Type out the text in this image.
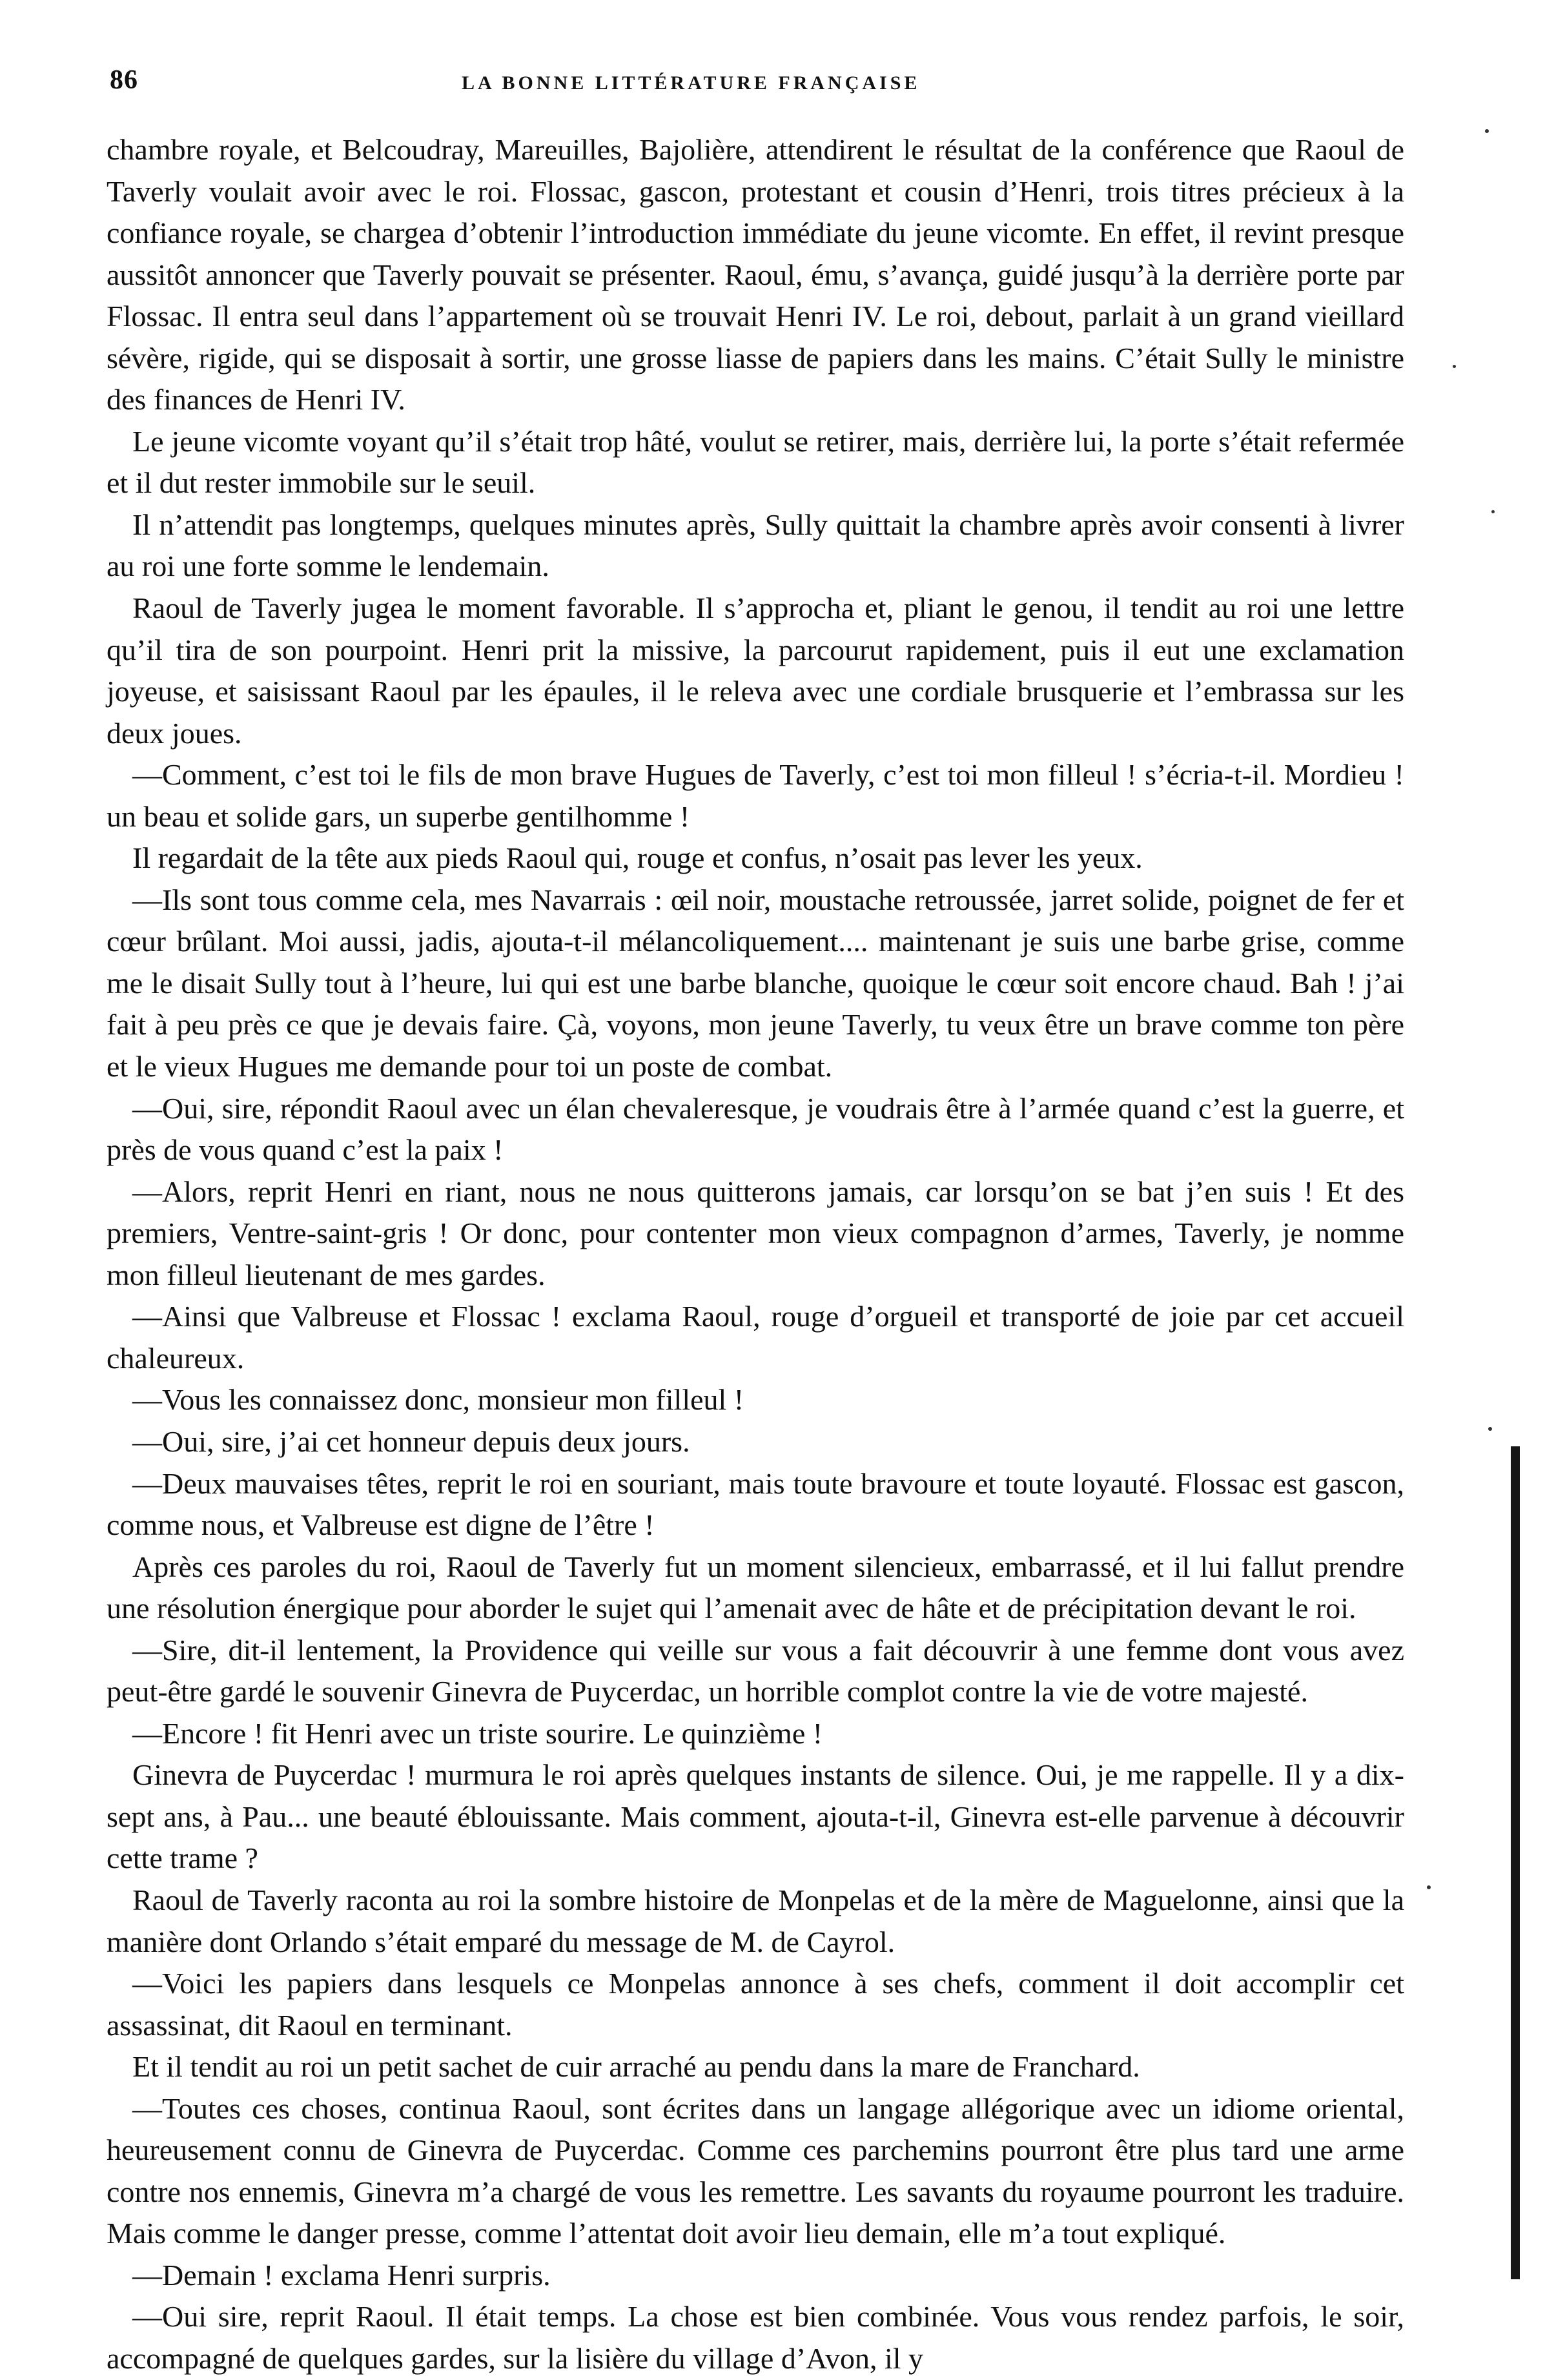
86	LA BONNE LITTÉRATURE FRANÇAISE

chambre royale, et Belcoudray, Mareuilles, Bajolière, attendirent le résultat de la conférence que Raoul de Taverly voulait avoir avec le roi. Flossac, gascon, protestant et cousin d’Henri, trois titres précieux à la confiance royale, se chargea d’obtenir l’introduction immédiate du jeune vicomte. En effet, il revint presque aussitôt annoncer que Taverly pouvait se présenter. Raoul, ému, s’avança, guidé jusqu’à la derrière porte par Flossac. Il entra seul dans l’appartement où se trouvait Henri IV. Le roi, debout, parlait à un grand vieillard sévère, rigide, qui se disposait à sortir, une grosse liasse de papiers dans les mains. C’était Sully le ministre des finances de Henri IV.

Le jeune vicomte voyant qu’il s’était trop hâté, voulut se retirer, mais, derrière lui, la porte s’était refermée et il dut rester immobile sur le seuil.

Il n’attendit pas longtemps, quelques minutes après, Sully quittait la chambre après avoir consenti à livrer au roi une forte somme le lendemain.

Raoul de Taverly jugea le moment favorable. Il s’approcha et, pliant le genou, il tendit au roi une lettre qu’il tira de son pourpoint. Henri prit la missive, la parcourut rapidement, puis il eut une exclamation joyeuse, et saisissant Raoul par les épaules, il le releva avec une cordiale brusquerie et l’embrassa sur les deux joues.

—Comment, c’est toi le fils de mon brave Hugues de Taverly, c’est toi mon filleul ! s’écria-t-il. Mordieu ! un beau et solide gars, un superbe gentilhomme !

Il regardait de la tête aux pieds Raoul qui, rouge et confus, n’osait pas lever les yeux.

—Ils sont tous comme cela, mes Navarrais : œil noir, moustache retroussée, jarret solide, poignet de fer et cœur brûlant. Moi aussi, jadis, ajouta-t-il mélancoliquement.... maintenant je suis une barbe grise, comme me le disait Sully tout à l’heure, lui qui est une barbe blanche, quoique le cœur soit encore chaud. Bah ! j’ai fait à peu près ce que je devais faire. Çà, voyons, mon jeune Taverly, tu veux être un brave comme ton père et le vieux Hugues me demande pour toi un poste de combat.

—Oui, sire, répondit Raoul avec un élan chevaleresque, je voudrais être à l’armée quand c’est la guerre, et près de vous quand c’est la paix !

—Alors, reprit Henri en riant, nous ne nous quitterons jamais, car lorsqu’on se bat j’en suis ! Et des premiers, Ventre-saint-gris ! Or donc, pour contenter mon vieux compagnon d’armes, Taverly, je nomme mon filleul lieutenant de mes gardes.

—Ainsi que Valbreuse et Flossac ! exclama Raoul, rouge d’orgueil et transporté de joie par cet accueil chaleureux.

—Vous les connaissez donc, monsieur mon filleul !

—Oui, sire, j’ai cet honneur depuis deux jours.

—Deux mauvaises têtes, reprit le roi en souriant, mais toute bravoure et toute loyauté. Flossac est gascon, comme nous, et Valbreuse est digne de l’être !

Après ces paroles du roi, Raoul de Taverly fut un moment silencieux, embarrassé, et il lui fallut prendre une résolution énergique pour aborder le sujet qui l’amenait avec de hâte et de précipitation devant le roi.

—Sire, dit-il lentement, la Providence qui veille sur vous a fait découvrir à une femme dont vous avez peut-être gardé le souvenir Ginevra de Puycerdac, un horrible complot contre la vie de votre majesté.

—Encore ! fit Henri avec un triste sourire. Le quinzième !

Ginevra de Puycerdac ! murmura le roi après quelques instants de silence. Oui, je me rappelle. Il y a dix-sept ans, à Pau... une beauté éblouissante. Mais comment, ajouta-t-il, Ginevra est-elle parvenue à découvrir cette trame ?

Raoul de Taverly raconta au roi la sombre histoire de Monpelas et de la mère de Maguelonne, ainsi que la manière dont Orlando s’était emparé du message de M. de Cayrol.

—Voici les papiers dans lesquels ce Monpelas annonce à ses chefs, comment il doit accomplir cet assassinat, dit Raoul en terminant.

Et il tendit au roi un petit sachet de cuir arraché au pendu dans la mare de Franchard.

—Toutes ces choses, continua Raoul, sont écrites dans un langage allégorique avec un idiome oriental, heureusement connu de Ginevra de Puycerdac. Comme ces parchemins pourront être plus tard une arme contre nos ennemis, Ginevra m’a chargé de vous les remettre. Les savants du royaume pourront les traduire. Mais comme le danger presse, comme l’attentat doit avoir lieu demain, elle m’a tout expliqué.

—Demain ! exclama Henri surpris.

—Oui sire, reprit Raoul. Il était temps. La chose est bien combinée. Vous vous rendez parfois, le soir, accompagné de quelques gardes, sur la lisière du village d’Avon, il y
